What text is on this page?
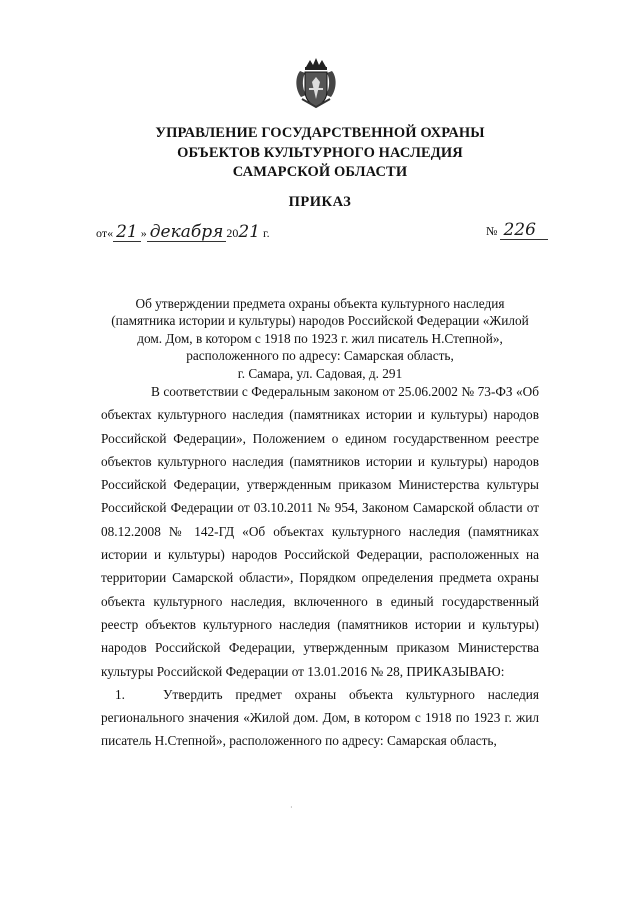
УПРАВЛЕНИЕ ГОСУДАРСТВЕННОЙ ОХРАНЫ
ОБЪЕКТОВ КУЛЬТУРНОГО НАСЛЕДИЯ
САМАРСКОЙ ОБЛАСТИ
ПРИКАЗ
от« 21 » декабря 2021 г.	№ 226
Об утверждении предмета охраны объекта культурного наследия
(памятника истории и культуры) народов Российской Федерации «Жилой
дом. Дом, в котором с 1918 по 1923 г. жил писатель Н.Степной»,
расположенного по адресу: Самарская область,
г. Самара, ул. Садовая, д. 291

В соответствии с Федеральным законом от 25.06.2002 № 73-ФЗ «Об объектах культурного наследия (памятниках истории и культуры) народов Российской Федерации», Положением о едином государственном реестре объектов культурного наследия (памятников истории и культуры) народов Российской Федерации, утвержденным приказом Министерства культуры Российской Федерации от 03.10.2011 № 954, Законом Самарской области от 08.12.2008 № 142-ГД «Об объектах культурного наследия (памятниках истории и культуры) народов Российской Федерации, расположенных на территории Самарской области», Порядком определения предмета охраны объекта культурного наследия, включенного в единый государственный реестр объектов культурного наследия (памятников истории и культуры) народов Российской Федерации, утвержденным приказом Министерства культуры Российской Федерации от 13.01.2016 № 28, ПРИКАЗЫВАЮ:

1.	Утвердить предмет охраны объекта культурного наследия регионального значения «Жилой дом. Дом, в котором с 1918 по 1923 г. жил писатель Н.Степной», расположенного по адресу: Самарская область,

·
